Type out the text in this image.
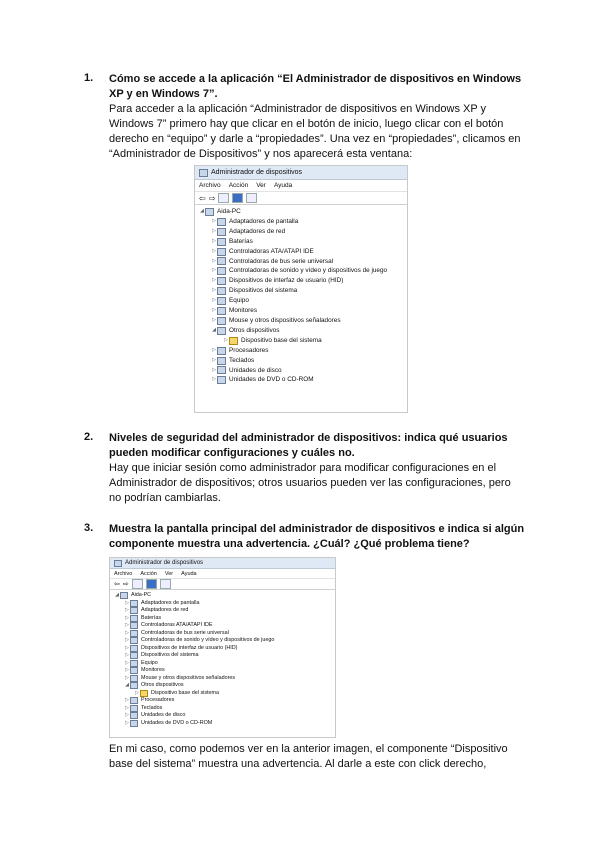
1. Cómo se accede a la aplicación “El Administrador de dispositivos en Windows
XP y en Windows 7”.
Para acceder a la aplicación “Administrador de dispositivos en Windows XP y
Windows 7” primero hay que clicar en el botón de inicio, luego clicar con el botón
derecho en “equipo” y darle a “propiedades”. Una vez en “propiedades”, clicamos en
“Administrador de Dispositivos” y nos aparecerá esta ventana:
Administrador de dispositivos
Archivo Acción Ver Ayuda
⇦ ⇨
◢ Aida-PC
▷ Adaptadores de pantalla
▷ Adaptadores de red
▷ Baterías
▷ Controladoras ATA/ATAPI IDE
▷ Controladoras de bus serie universal
▷ Controladoras de sonido y vídeo y dispositivos de juego
▷ Dispositivos de interfaz de usuario (HID)
▷ Dispositivos del sistema
▷ Equipo
▷ Monitores
▷ Mouse y otros dispositivos señaladores
◢ Otros dispositivos
▷ Dispositivo base del sistema
▷ Procesadores
▷ Teclados
▷ Unidades de disco
▷ Unidades de DVD o CD-ROM
2. Niveles de seguridad del administrador de dispositivos: indica qué usuarios
pueden modificar configuraciones y cuáles no.
Hay que iniciar sesión como administrador para modificar configuraciones en el
Administrador de dispositivos; otros usuarios pueden ver las configuraciones, pero
no podrían cambiarlas.
3. Muestra la pantalla principal del administrador de dispositivos e indica si algún
componente muestra una advertencia. ¿Cuál? ¿Qué problema tiene?
Administrador de dispositivos
Archivo Acción Ver Ayuda
⇦ ⇨
◢ Aida-PC
▷ Adaptadores de pantalla
▷ Adaptadores de red
▷ Baterías
▷ Controladoras ATA/ATAPI IDE
▷ Controladoras de bus serie universal
▷ Controladoras de sonido y vídeo y dispositivos de juego
▷ Dispositivos de interfaz de usuario (HID)
▷ Dispositivos del sistema
▷ Equipo
▷ Monitores
▷ Mouse y otros dispositivos señaladores
◢ Otros dispositivos
▷ Dispositivo base del sistema
▷ Procesadores
▷ Teclados
▷ Unidades de disco
▷ Unidades de DVD o CD-ROM
En mi caso, como podemos ver en la anterior imagen, el componente “Dispositivo
base del sistema” muestra una advertencia. Al darle a este con click derecho,
